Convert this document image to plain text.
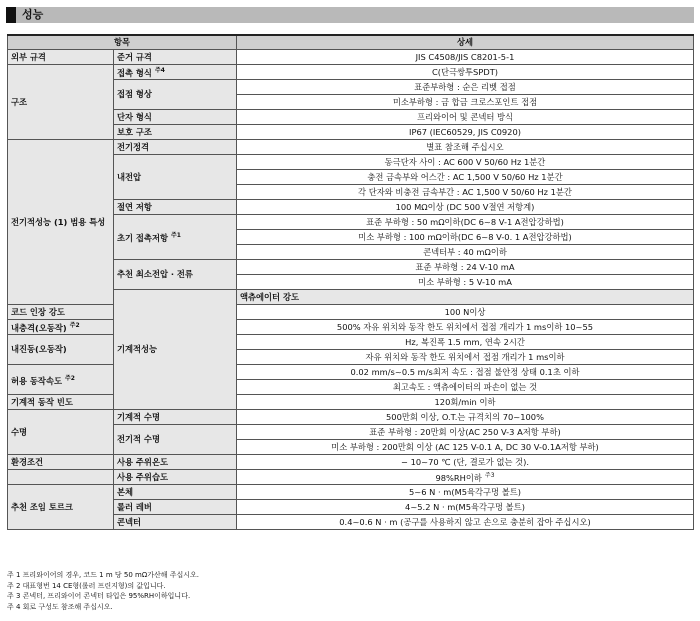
성능
항목		상세	
외부 규격	준거 규격	JIS C4508/JIS C8201-5-1	
구조	접촉 형식 $^{주4}$	C(단극쌍투SPDT)	
	접점 형상	표준부하형 : 순은 리벳 접점	
		미소부하형 : 금 합금 크로스포인트 접점	
	단자 형식	프리와이어 및 콘넥터 방식	
	보호 구조	IP67 (IEC60529, JIS C0920)	
전기적성능 (1) 범용 특성	전기정격	별표 참조해 주십시오	
	내전압	동극단자 사이 : AC 600 V 50/60 Hz 1분간	
		충전 금속부와 어스간 : AC 1,500 V 50/60 Hz 1분간	
		각 단자와 비충전 금속부간 : AC 1,500 V 50/60 Hz 1분간	
	절연 저항	100 MΩ이상 (DC 500 V절연 저항계)	
	초기 접촉저항 $^{주1}$	표준 부하형 : 50 mΩ이하(DC 6~8 V-1 A전압강하법)	
		미소 부하형 : 100 mΩ이하(DC 6~8 V-0. 1 A전압강하법)	
		콘넥터부 : 40 mΩ이하	
	추천 최소전압 · 전류	표준 부하형 : 24 V-10 mA	
		미소 부하형 : 5 V-10 mA	
	기계적성능	액츄에이터 강도	
코드 인장 강도		100 N이상	
내충격(오동작) $^{주2}$		500% 자유 위치와 동작 한도 위치에서 접점 개리가 1 ms이하 10~55	
내진동(오동작)		Hz, 복진폭 1.5 mm, 연속 2시간	
		자유 위치와 동작 한도 위치에서 접점 개리가 1 ms이하	
허용 동작속도 $^{주2}$		0.02 mm/s~0.5 m/s최저 속도 : 접점 불안정 상태 0.1초 이하	
		최고속도 : 액츄에이터의 파손이 없는 것	
기계적 동작 빈도		120회/min 이하	
수명	기계적 수명	500만회 이상, O.T.는 규격치의 70~100%	
	전기적 수명	표준 부하형 : 20만회 이상(AC 250 V-3 A저항 부하)	
		미소 부하형 : 200만회 이상 (AC 125 V-0.1 A, DC 30 V-0.1A저항 부하)	
환경조건	사용 주위온도	− 10~70 ℃ (단, 결로가 없는 것).	
	사용 주위습도	98%RH이하 $^{주3}$
추천 조임 토르크	본체	5~6 N · m(M5육각구멍 볼트)	
	롤러 레버	4~5.2 N · m(M5육각구멍 볼트)	
	콘넥터	0.4~0.6 N · m (공구를 사용하지 않고 손으로 충분히 잡아 주십시오)	
주 1 프리와이어의 경우, 코드 1 m 당 50 mΩ가산해 주십시오.
주 2 대표형번 14 CE형(롤러 프린지형)의 값입니다.
주 3 콘넥터, 프리와이어 콘넥터 타입은 95%RH이하입니다.
주 4 회로 구성도 참조해 주십시오.
